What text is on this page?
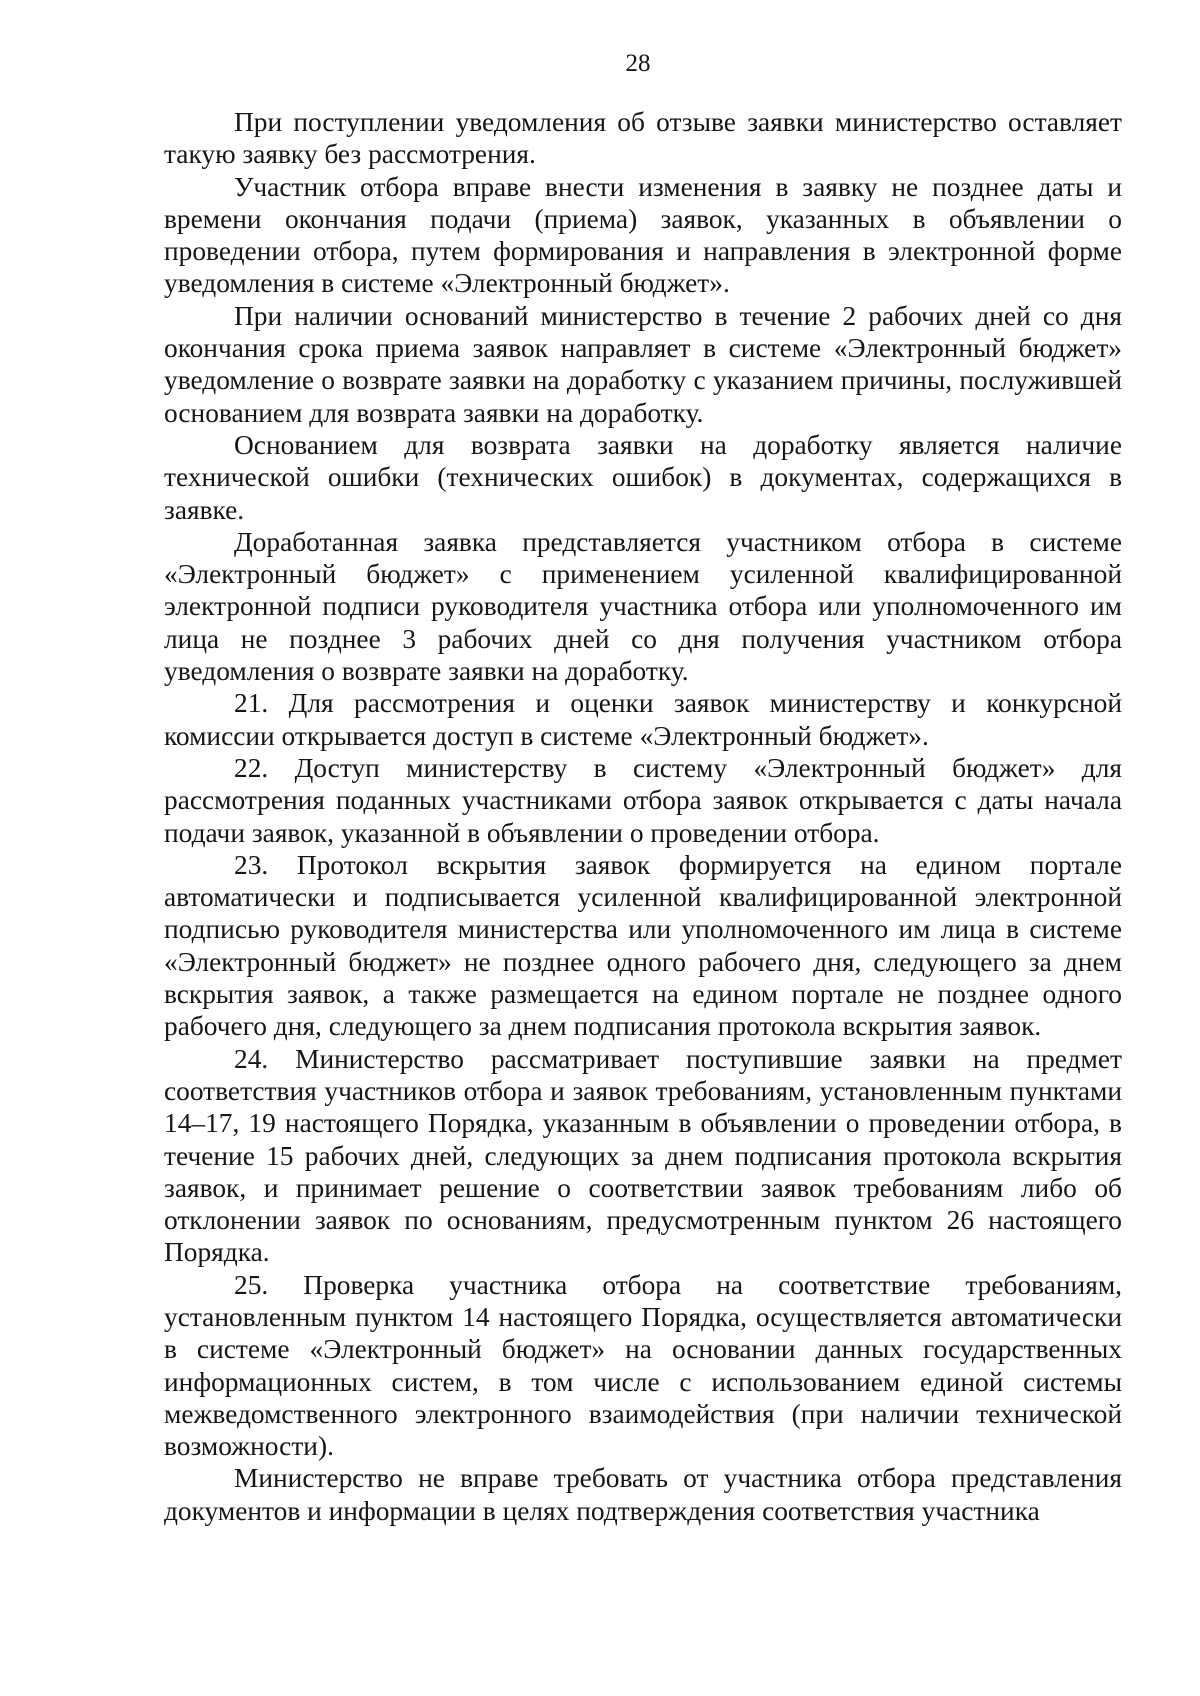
28

При поступлении уведомления об отзыве заявки министерство оставляет такую заявку без рассмотрения.

Участник отбора вправе внести изменения в заявку не позднее даты и времени окончания подачи (приема) заявок, указанных в объявлении о проведении отбора, путем формирования и направления в электронной форме уведомления в системе «Электронный бюджет».

При наличии оснований министерство в течение 2 рабочих дней со дня окончания срока приема заявок направляет в системе «Электронный бюджет» уведомление о возврате заявки на доработку с указанием причины, послужившей основанием для возврата заявки на доработку.

Основанием для возврата заявки на доработку является наличие технической ошибки (технических ошибок) в документах, содержащихся в заявке.

Доработанная заявка представляется участником отбора в системе «Электронный бюджет» с применением усиленной квалифицированной электронной подписи руководителя участника отбора или уполномоченного им лица не позднее 3 рабочих дней со дня получения участником отбора уведомления о возврате заявки на доработку.

21. Для рассмотрения и оценки заявок министерству и конкурсной комиссии открывается доступ в системе «Электронный бюджет».

22. Доступ министерству в систему «Электронный бюджет» для рассмотрения поданных участниками отбора заявок открывается с даты начала подачи заявок, указанной в объявлении о проведении отбора.

23. Протокол вскрытия заявок формируется на едином портале автоматически и подписывается усиленной квалифицированной электронной подписью руководителя министерства или уполномоченного им лица в системе «Электронный бюджет» не позднее одного рабочего дня, следующего за днем вскрытия заявок, а также размещается на едином портале не позднее одного рабочего дня, следующего за днем подписания протокола вскрытия заявок.

24. Министерство рассматривает поступившие заявки на предмет соответствия участников отбора и заявок требованиям, установленным пунктами 14–17, 19 настоящего Порядка, указанным в объявлении о проведении отбора, в течение 15 рабочих дней, следующих за днем подписания протокола вскрытия заявок, и принимает решение о соответствии заявок требованиям либо об отклонении заявок по основаниям, предусмотренным пунктом 26 настоящего Порядка.

25. Проверка участника отбора на соответствие требованиям, установленным пунктом 14 настоящего Порядка, осуществляется автоматически в системе «Электронный бюджет» на основании данных государственных информационных систем, в том числе с использованием единой системы межведомственного электронного взаимодействия (при наличии технической возможности).

Министерство не вправе требовать от участника отбора представления документов и информации в целях подтверждения соответствия участника
